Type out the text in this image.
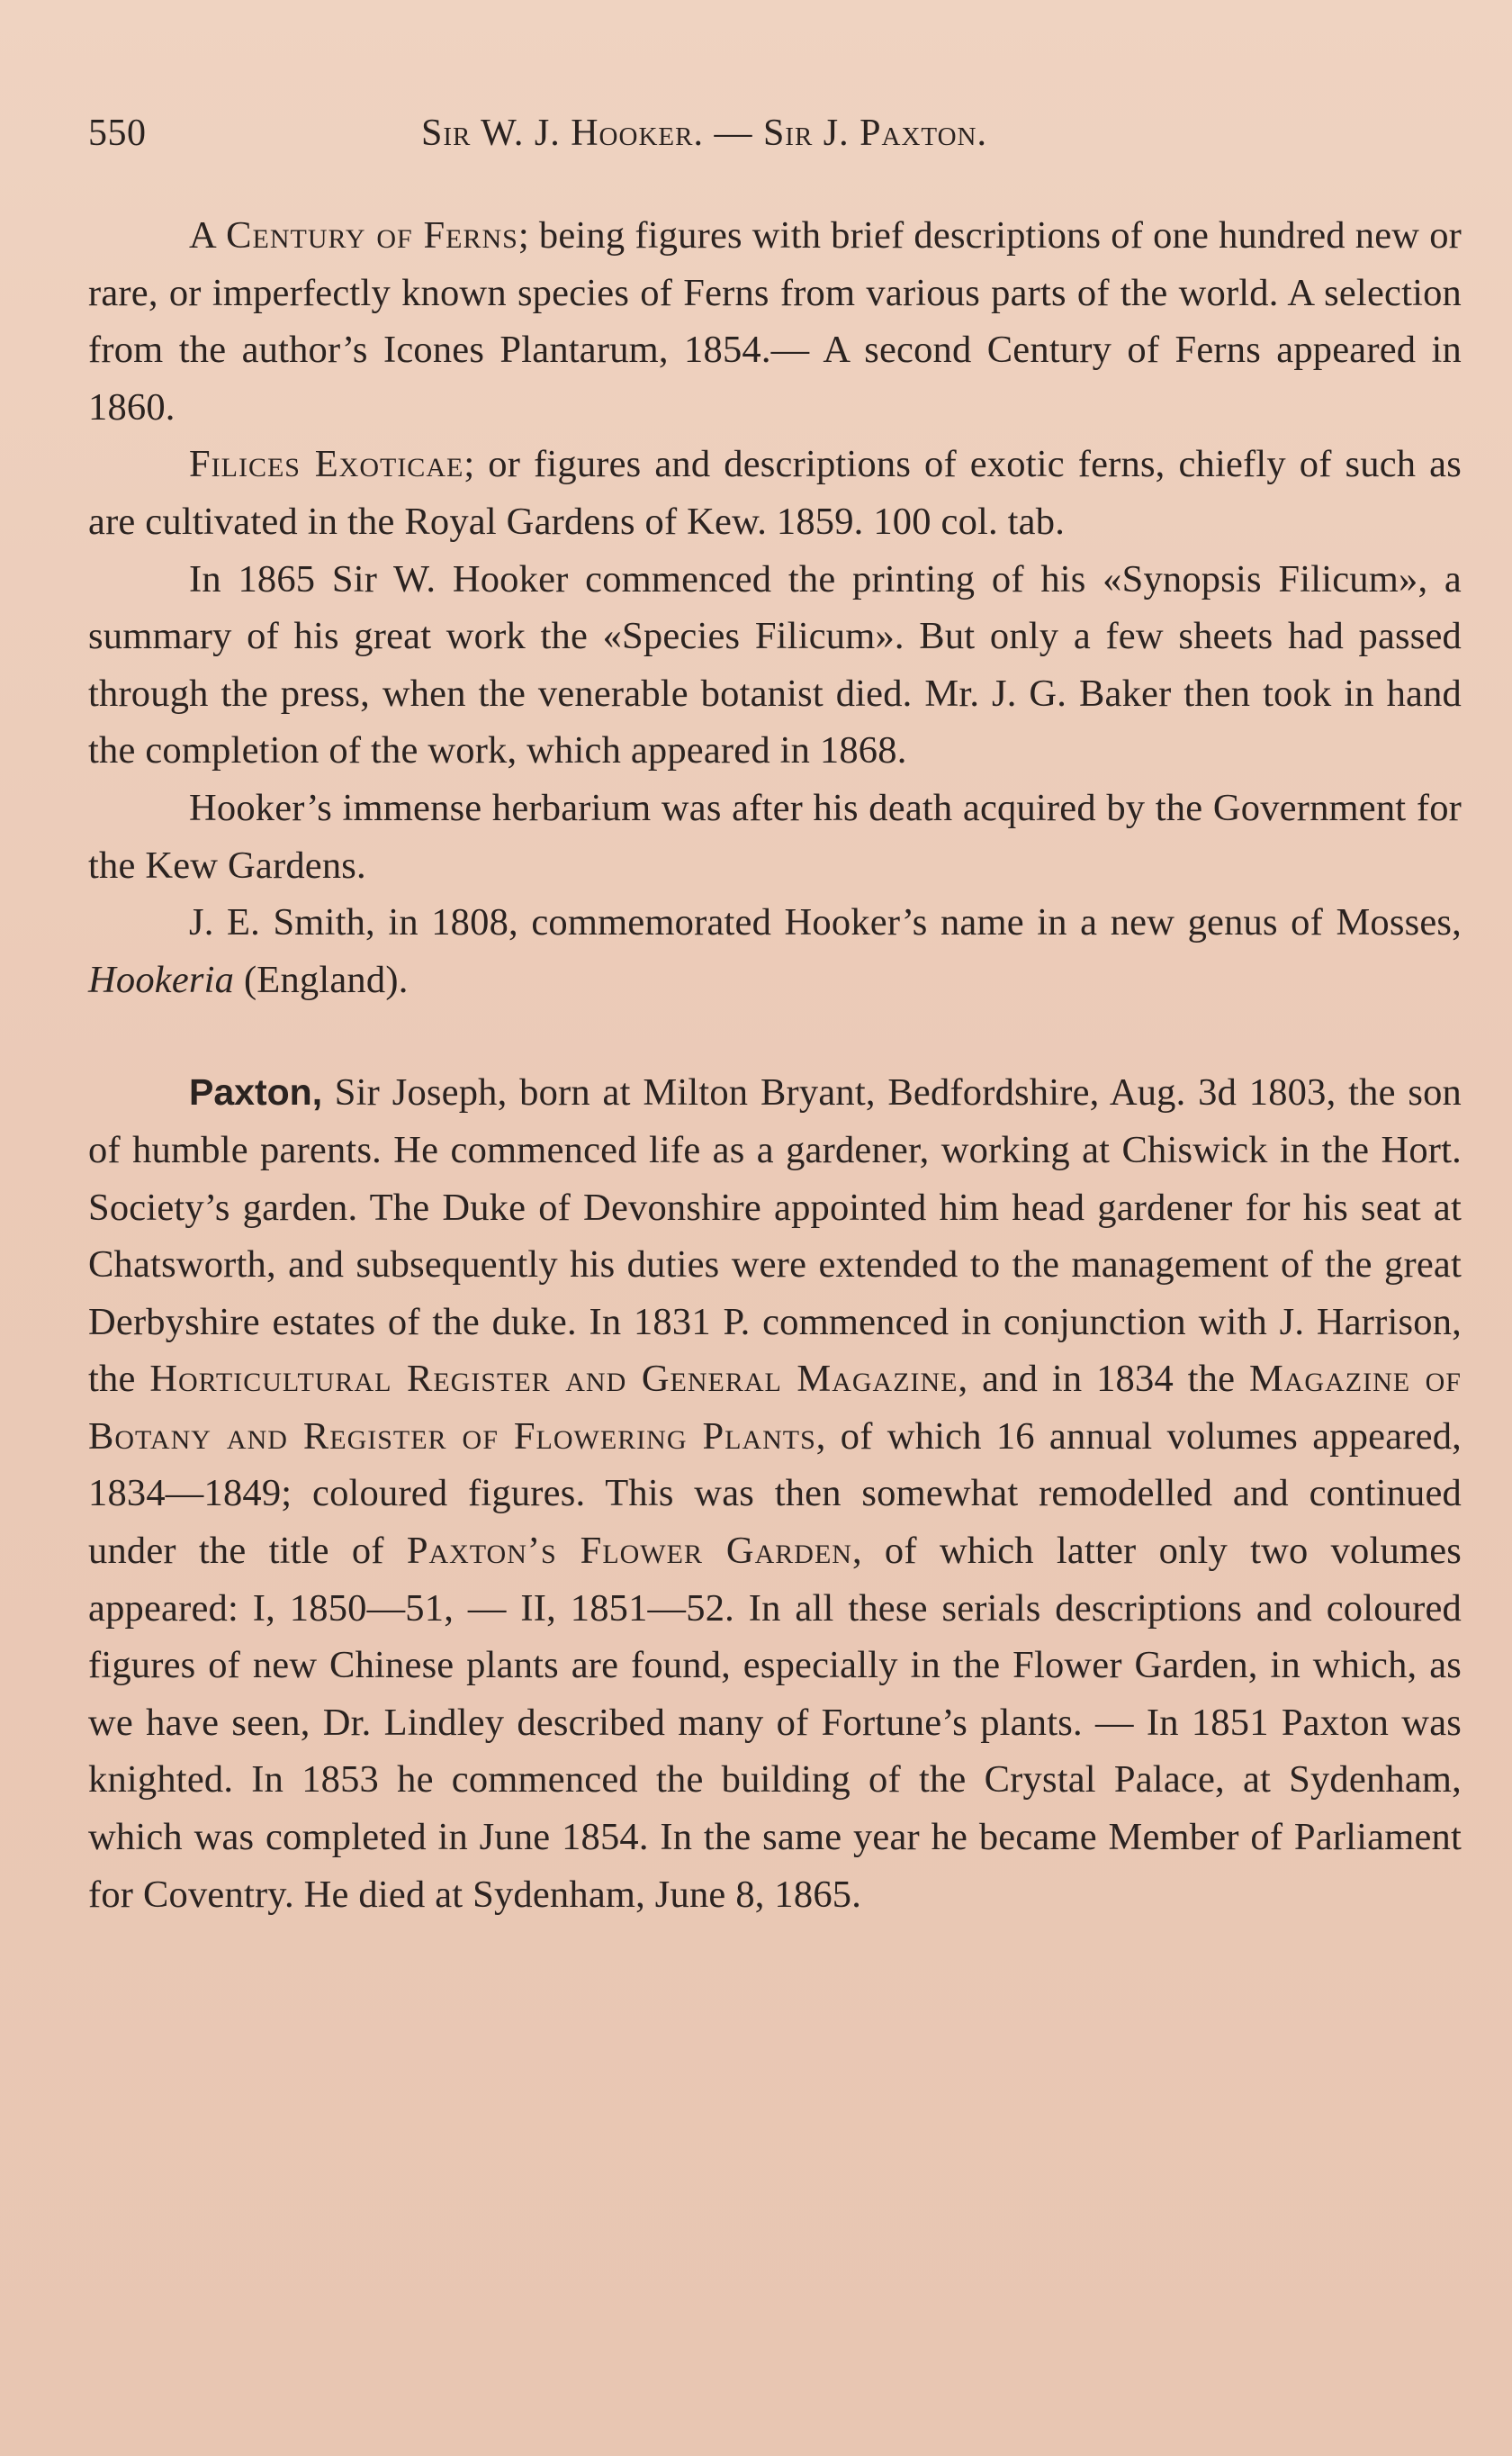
550	Sir W. J. Hooker. — Sir J. Paxton.

A Century of Ferns; being figures with brief descriptions of one hundred new or rare, or imperfectly known species of Ferns from various parts of the world. A selection from the author’s Icones Plantarum, 1854.— A second Century of Ferns appeared in 1860.

Filices Exoticae; or figures and descriptions of exotic ferns, chiefly of such as are cultivated in the Royal Gardens of Kew. 1859. 100 col. tab.

In 1865 Sir W. Hooker commenced the printing of his «Synopsis Filicum», a summary of his great work the «Species Filicum». But only a few sheets had passed through the press, when the venerable botanist died. Mr. J. G. Baker then took in hand the completion of the work, which appeared in 1868.

Hooker’s immense herbarium was after his death acquired by the Government for the Kew Gardens.

J. E. Smith, in 1808, commemorated Hooker’s name in a new genus of Mosses, Hookeria (England).

Paxton, Sir Joseph, born at Milton Bryant, Bedfordshire, Aug. 3d 1803, the son of humble parents. He commenced life as a gardener, working at Chiswick in the Hort. Society’s garden. The Duke of Devonshire appointed him head gardener for his seat at Chatsworth, and subsequently his duties were extended to the management of the great Derbyshire estates of the duke. In 1831 P. commenced in conjunction with J. Harrison, the Horticultural Register and General Magazine, and in 1834 the Magazine of Botany and Register of Flowering Plants, of which 16 annual volumes appeared, 1834—1849; coloured figures. This was then somewhat remodelled and continued under the title of Paxton’s Flower Garden, of which latter only two volumes appeared: I, 1850—51, — II, 1851—52. In all these serials descriptions and coloured figures of new Chinese plants are found, especially in the Flower Garden, in which, as we have seen, Dr. Lindley described many of Fortune’s plants. — In 1851 Paxton was knighted. In 1853 he commenced the building of the Crystal Palace, at Sydenham, which was completed in June 1854. In the same year he became Member of Parliament for Coventry. He died at Sydenham, June 8, 1865.
